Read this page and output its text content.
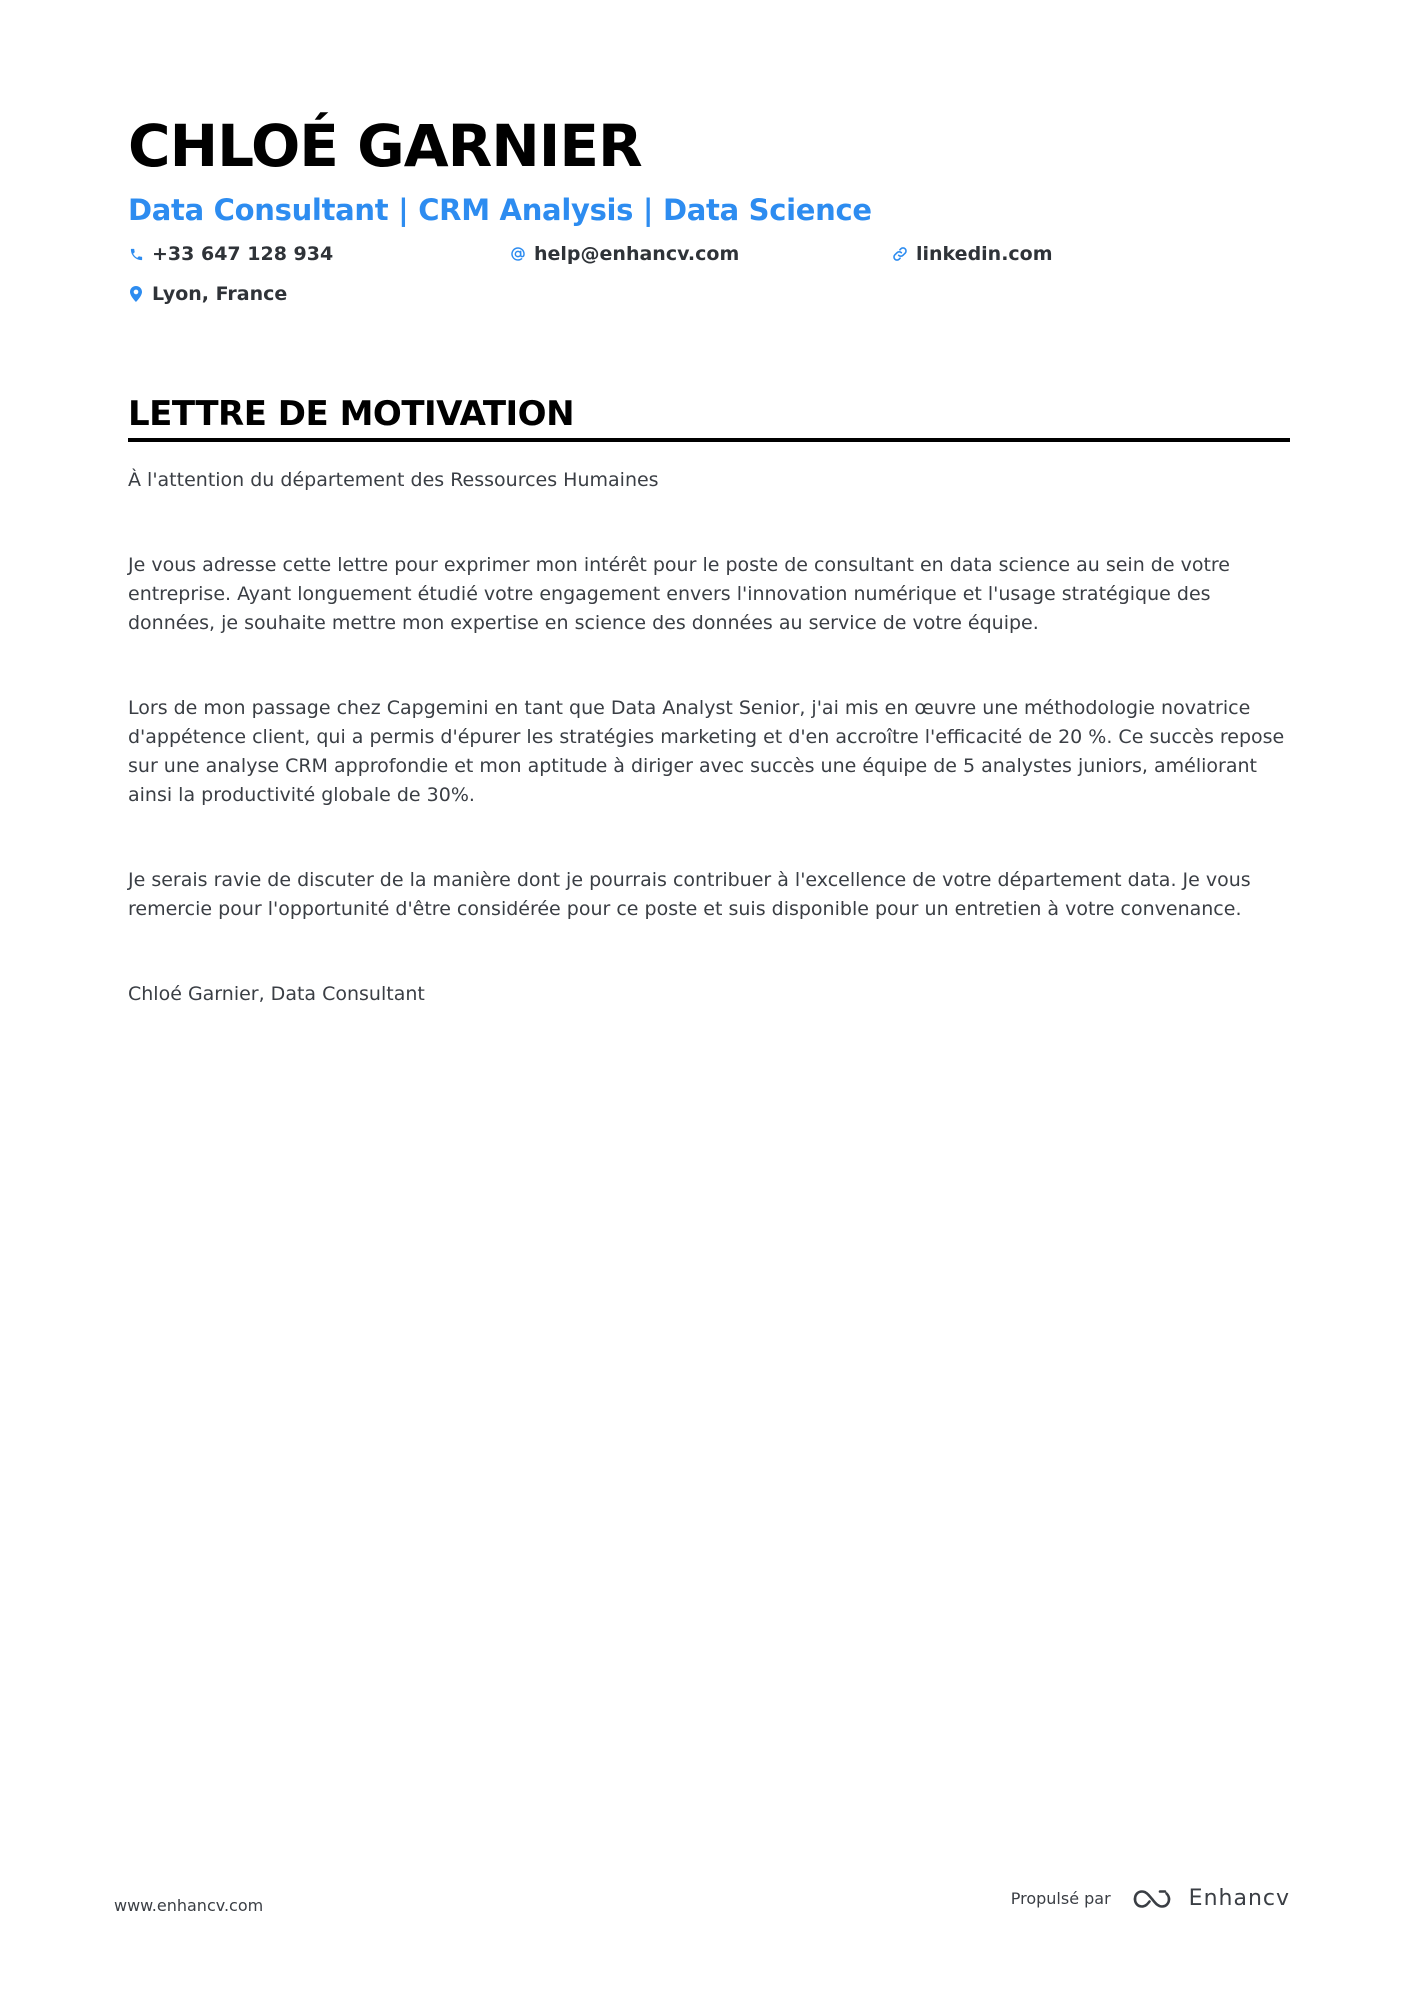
CHLOÉ GARNIER
Data Consultant | CRM Analysis | Data Science
+33 647 128 934	help@enhancv.com	linkedin.com
Lyon, France
LETTRE DE MOTIVATION

À l'attention du département des Ressources Humaines

Je vous adresse cette lettre pour exprimer mon intérêt pour le poste de consultant en data science au sein de votre entreprise. Ayant longuement étudié votre engagement envers l'innovation numérique et l'usage stratégique des données, je souhaite mettre mon expertise en science des données au service de votre équipe.

Lors de mon passage chez Capgemini en tant que Data Analyst Senior, j'ai mis en œuvre une méthodologie novatrice d'appétence client, qui a permis d'épurer les stratégies marketing et d'en accroître l'efficacité de 20 %. Ce succès repose sur une analyse CRM approfondie et mon aptitude à diriger avec succès une équipe de 5 analystes juniors, améliorant ainsi la productivité globale de 30%.

Je serais ravie de discuter de la manière dont je pourrais contribuer à l'excellence de votre département data. Je vous remercie pour l'opportunité d'être considérée pour ce poste et suis disponible pour un entretien à votre convenance.

Chloé Garnier, Data Consultant

www.enhancv.com	Propulsé par	Enhancv
